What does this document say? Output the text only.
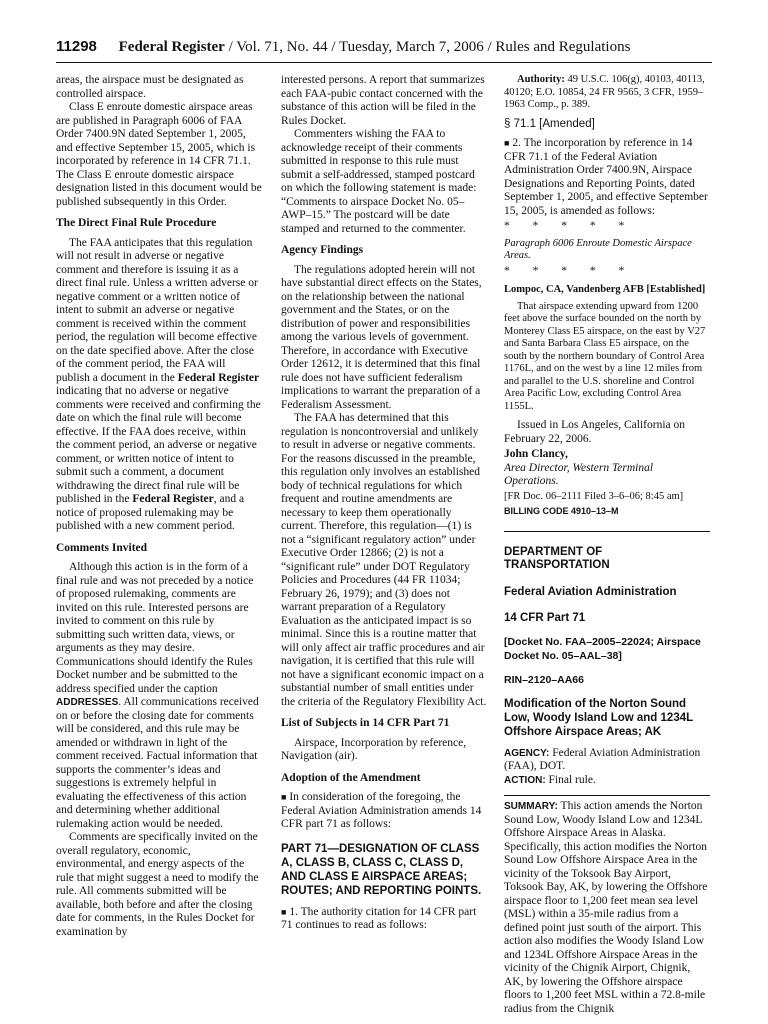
11298 Federal Register / Vol. 71, No. 44 / Tuesday, March 7, 2006 / Rules and Regulations

areas, the airspace must be designated as controlled airspace.

Class E enroute domestic airspace areas are published in Paragraph 6006 of FAA Order 7400.9N dated September 1, 2005, and effective September 15, 2005, which is incorporated by reference in 14 CFR 71.1. The Class E enroute domestic airspace designation listed in this document would be published subsequently in this Order.

The Direct Final Rule Procedure

The FAA anticipates that this regulation will not result in adverse or negative comment and therefore is issuing it as a direct final rule. Unless a written adverse or negative comment or a written notice of intent to submit an adverse or negative comment is received within the comment period, the regulation will become effective on the date specified above. After the close of the comment period, the FAA will publish a document in the Federal Register indicating that no adverse or negative comments were received and confirming the date on which the final rule will become effective. If the FAA does receive, within the comment period, an adverse or negative comment, or written notice of intent to submit such a comment, a document withdrawing the direct final rule will be published in the Federal Register, and a notice of proposed rulemaking may be published with a new comment period.

Comments Invited

Although this action is in the form of a final rule and was not preceded by a notice of proposed rulemaking, comments are invited on this rule. Interested persons are invited to comment on this rule by submitting such written data, views, or arguments as they may desire. Communications should identify the Rules Docket number and be submitted to the address specified under the caption ADDRESSES. All communications received on or before the closing date for comments will be considered, and this rule may be amended or withdrawn in light of the comment received. Factual information that supports the commenter’s ideas and suggestions is extremely helpful in evaluating the effectiveness of this action and determining whether additional rulemaking action would be needed.

Comments are specifically invited on the overall regulatory, economic, environmental, and energy aspects of the rule that might suggest a need to modify the rule. All comments submitted will be available, both before and after the closing date for comments, in the Rules Docket for examination by

interested persons. A report that summarizes each FAA-pubic contact concerned with the substance of this action will be filed in the Rules Docket.

Commenters wishing the FAA to acknowledge receipt of their comments submitted in response to this rule must submit a self-addressed, stamped postcard on which the following statement is made: “Comments to airspace Docket No. 05–AWP–15.” The postcard will be date stamped and returned to the commenter.

Agency Findings

The regulations adopted herein will not have substantial direct effects on the States, on the relationship between the national government and the States, or on the distribution of power and responsibilities among the various levels of government. Therefore, in accordance with Executive Order 12612, it is determined that this final rule does not have sufficient federalism implications to warrant the preparation of a Federalism Assessment.

The FAA has determined that this regulation is noncontroversial and unlikely to result in adverse or negative comments. For the reasons discussed in the preamble, this regulation only involves an established body of technical regulations for which frequent and routine amendments are necessary to keep them operationally current. Therefore, this regulation—(1) is not a “significant regulatory action” under Executive Order 12866; (2) is not a “significant rule” under DOT Regulatory Policies and Procedures (44 FR 11034; February 26, 1979); and (3) does not warrant preparation of a Regulatory Evaluation as the anticipated impact is so minimal. Since this is a routine matter that will only affect air traffic procedures and air navigation, it is certified that this rule will not have a significant economic impact on a substantial number of small entities under the criteria of the Regulatory Flexibility Act.

List of Subjects in 14 CFR Part 71

Airspace, Incorporation by reference, Navigation (air).

Adoption of the Amendment

■ In consideration of the foregoing, the Federal Aviation Administration amends 14 CFR part 71 as follows:

PART 71—DESIGNATION OF CLASS A, CLASS B, CLASS C, CLASS D, AND CLASS E AIRSPACE AREAS; ROUTES; AND REPORTING POINTS.

■ 1. The authority citation for 14 CFR part 71 continues to read as follows:

Authority: 49 U.S.C. 106(g), 40103, 40113, 40120; E.O. 10854, 24 FR 9565, 3 CFR, 1959–1963 Comp., p. 389.

§ 71.1 [Amended]

■ 2. The incorporation by reference in 14 CFR 71.1 of the Federal Aviation Administration Order 7400.9N, Airspace Designations and Reporting Points, dated September 1, 2005, and effective September 15, 2005, is amended as follows:

* * * * *

Paragraph 6006 Enroute Domestic Airspace Areas.

* * * * *

Lompoc, CA, Vandenberg AFB [Established]

That airspace extending upward from 1200 feet above the surface bounded on the north by Monterey Class E5 airspace, on the east by V27 and Santa Barbara Class E5 airspace, on the south by the northern boundary of Control Area 1176L, and on the west by a line 12 miles from and parallel to the U.S. shoreline and Control Area Pacific Low, excluding Control Area 1155L.

Issued in Los Angeles, California on February 22, 2006.

John Clancy,

Area Director, Western Terminal Operations.

[FR Doc. 06–2111 Filed 3–6–06; 8:45 am]

BILLING CODE 4910–13–M

DEPARTMENT OF TRANSPORTATION

Federal Aviation Administration

14 CFR Part 71

[Docket No. FAA–2005–22024; Airspace Docket No. 05–AAL–38]

RIN–2120–AA66

Modification of the Norton Sound Low, Woody Island Low and 1234L Offshore Airspace Areas; AK

AGENCY: Federal Aviation Administration (FAA), DOT.

ACTION: Final rule.

SUMMARY: This action amends the Norton Sound Low, Woody Island Low and 1234L Offshore Airspace Areas in Alaska. Specifically, this action modifies the Norton Sound Low Offshore Airspace Area in the vicinity of the Toksook Bay Airport, Toksook Bay, AK, by lowering the Offshore airspace floor to 1,200 feet mean sea level (MSL) within a 35-mile radius from a defined point just south of the airport. This action also modifies the Woody Island Low and 1234L Offshore Airspace Areas in the vicinity of the Chignik Airport, Chignik, AK, by lowering the Offshore airspace floors to 1,200 feet MSL within a 72.8-mile radius from the Chignik
